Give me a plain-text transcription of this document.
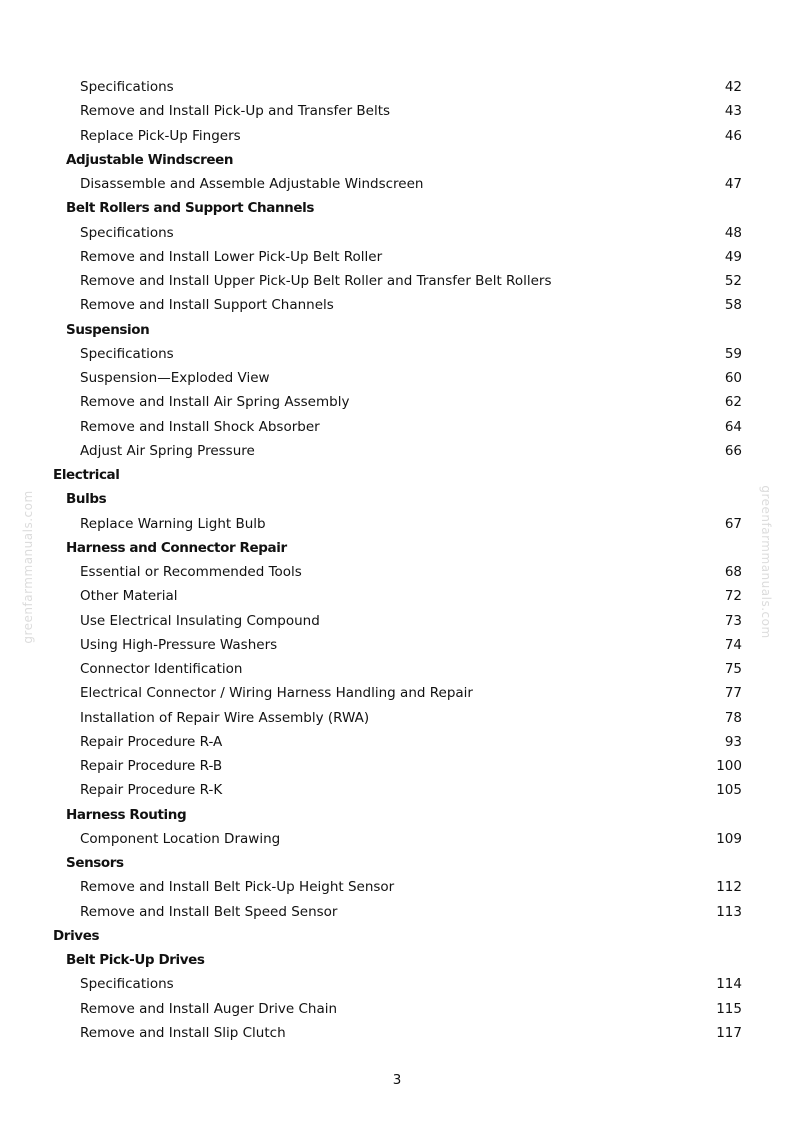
Specifications	42
Remove and Install Pick-Up and Transfer Belts	43
Replace Pick-Up Fingers	46
Adjustable Windscreen
Disassemble and Assemble Adjustable Windscreen	47
Belt Rollers and Support Channels
Specifications	48
Remove and Install Lower Pick-Up Belt Roller	49
Remove and Install Upper Pick-Up Belt Roller and Transfer Belt Rollers	52
Remove and Install Support Channels	58
Suspension
Specifications	59
Suspension—Exploded View	60
Remove and Install Air Spring Assembly	62
Remove and Install Shock Absorber	64
Adjust Air Spring Pressure	66
Electrical
Bulbs
Replace Warning Light Bulb	67
Harness and Connector Repair
Essential or Recommended Tools	68
Other Material	72
Use Electrical Insulating Compound	73
Using High-Pressure Washers	74
Connector Identification	75
Electrical Connector / Wiring Harness Handling and Repair	77
Installation of Repair Wire Assembly (RWA)	78
Repair Procedure R-A	93
Repair Procedure R-B	100
Repair Procedure R-K	105
Harness Routing
Component Location Drawing	109
Sensors
Remove and Install Belt Pick-Up Height Sensor	112
Remove and Install Belt Speed Sensor	113
Drives
Belt Pick-Up Drives
Specifications	114
Remove and Install Auger Drive Chain	115
Remove and Install Slip Clutch	117
3
greenfarmmanuals.com	greenfarmmanuals.com
